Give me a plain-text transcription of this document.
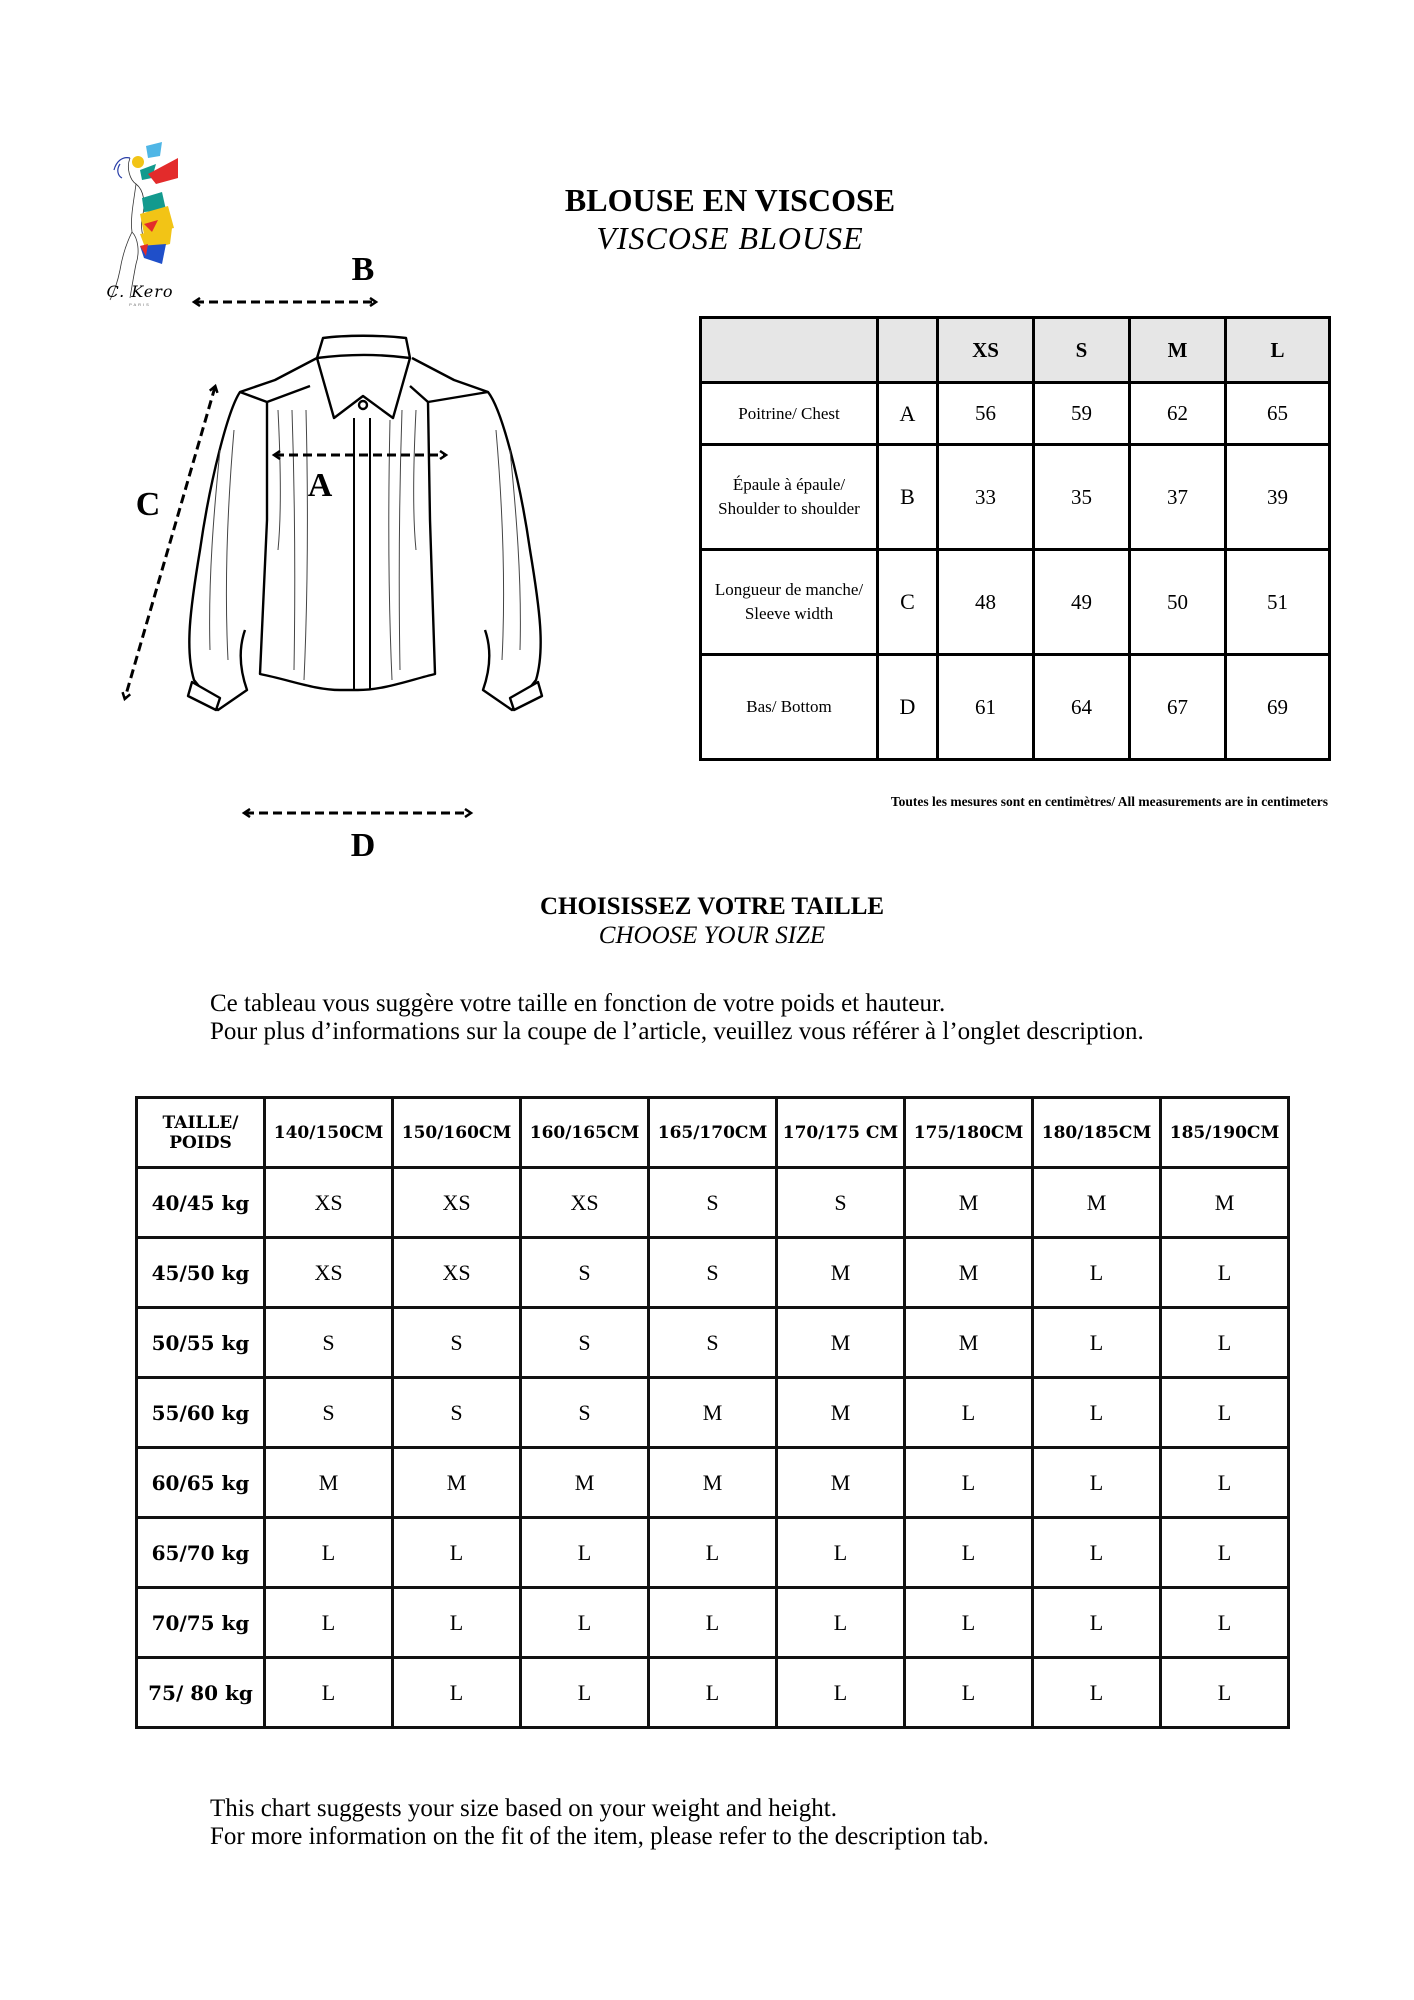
C. Kero
PARIS
BLOUSE EN VISCOSE
VISCOSE BLOUSE
B
A
C
D
		XS	S	M	L
Poitrine/ Chest	A	56	59	62	65
Épaule à épaule/ Shoulder to shoulder	B	33	35	37	39
Longueur de manche/ Sleeve width	C	48	49	50	51
Bas/ Bottom	D	61	64	67	69
Toutes les mesures sont en centimètres/ All measurements are in centimeters
CHOISISSEZ VOTRE TAILLE
CHOOSE YOUR SIZE
Ce tableau vous suggère votre taille en fonction de votre poids et hauteur.
Pour plus d’informations sur la coupe de l’article, veuillez vous référer à l’onglet description.
TAILLE/
POIDS	140/150CM	150/160CM	160/165CM	165/170CM	170/175 CM	175/180CM	180/185CM	185/190CM
40/45 kg	XS	XS	XS	S	S	M	M	M
45/50 kg	XS	XS	S	S	M	M	L	L
50/55 kg	S	S	S	S	M	M	L	L
55/60 kg	S	S	S	M	M	L	L	L
60/65 kg	M	M	M	M	M	L	L	L
65/70 kg	L	L	L	L	L	L	L	L
70/75 kg	L	L	L	L	L	L	L	L
75/ 80 kg	L	L	L	L	L	L	L	L
This chart suggests your size based on your weight and height.
For more information on the fit of the item, please refer to the description tab.
